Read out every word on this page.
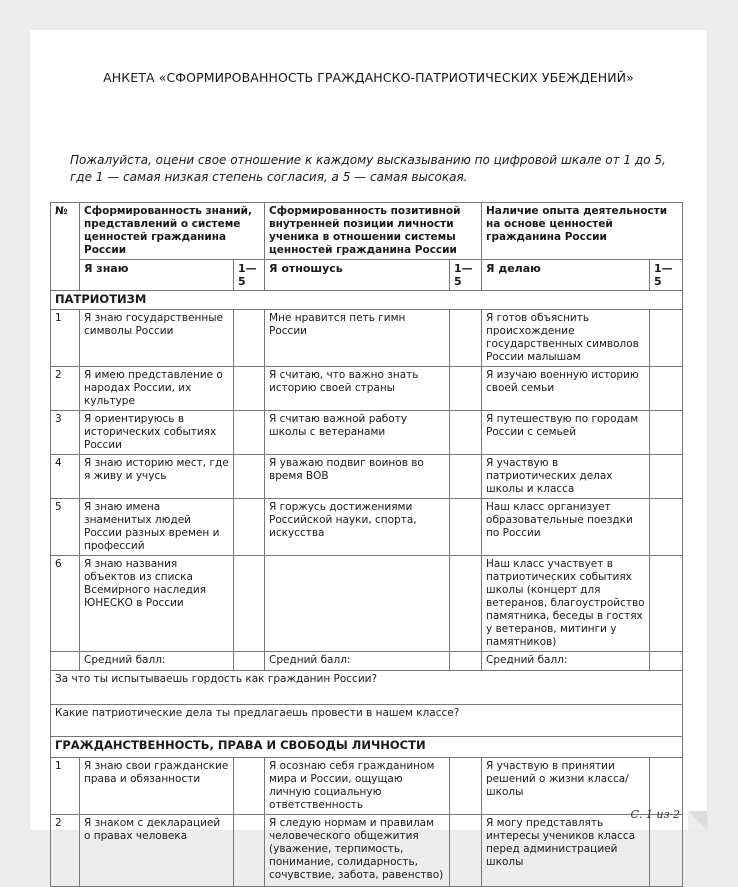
АНКЕТА «СФОРМИРОВАННОСТЬ ГРАЖДАНСКО-ПАТРИОТИЧЕСКИХ УБЕЖДЕНИЙ»
Пожалуйста, оцени свое отношение к каждому высказыванию по цифровой шкале от 1 до 5, где 1 — самая низкая степень согласия, а 5 — самая высокая.
№	Сформированность знаний, представлений о системе ценностей гражданина России		Сформированность позитивной внутренней позиции личности ученика в отношении системы ценностей гражданина России		Наличие опыта деятельности на основе ценностей гражданина России	
	Я знаю	1—5	Я отношусь	1—5	Я делаю	1—5
ПАТРИОТИЗМ						
1	Я знаю государственные символы России		Мне нравится петь гимн России		Я готов объяснить происхождение государственных символов России малышам	
2	Я имею представление о народах России, их культуре		Я считаю, что важно знать историю своей страны		Я изучаю военную историю своей семьи	
3	Я ориентируюсь в исторических событиях России		Я считаю важной работу школы с ветеранами		Я путешествую по городам России с семьей	
4	Я знаю историю мест, где я живу и учусь		Я уважаю подвиг воинов во время ВОВ		Я участвую в патриотических делах школы и класса	
5	Я знаю имена знаменитых людей России разных времен и профессий		Я горжусь достижениями Российской науки, спорта, искусства		Наш класс организует образовательные поездки по России	
6	Я знаю названия объектов из списка Всемирного наследия ЮНЕСКО в России				Наш класс участвует в патриотических событиях школы (концерт для ветеранов, благоустройство памятника, беседы в гостях у ветеранов, митинги у памятников)	
	Средний балл:		Средний балл:		Средний балл:	
За что ты испытываешь гордость как гражданин России?						
Какие патриотические дела ты предлагаешь провести в нашем классе?						
ГРАЖДАНСТВЕННОСТЬ, ПРАВА И СВОБОДЫ ЛИЧНОСТИ						
1	Я знаю свои гражданские права и обязанности		Я осознаю себя гражданином мира и России, ощущаю личную социальную ответственность		Я участвую в принятии решений о жизни класса/школы	
2	Я знаком с декларацией о правах человека		Я следую нормам и правилам человеческого общежития (уважение, терпимость, понимание, солидарность, сочувствие, забота, равенство)		Я могу представлять интересы учеников класса перед администрацией школы	
С. 1 из 2
